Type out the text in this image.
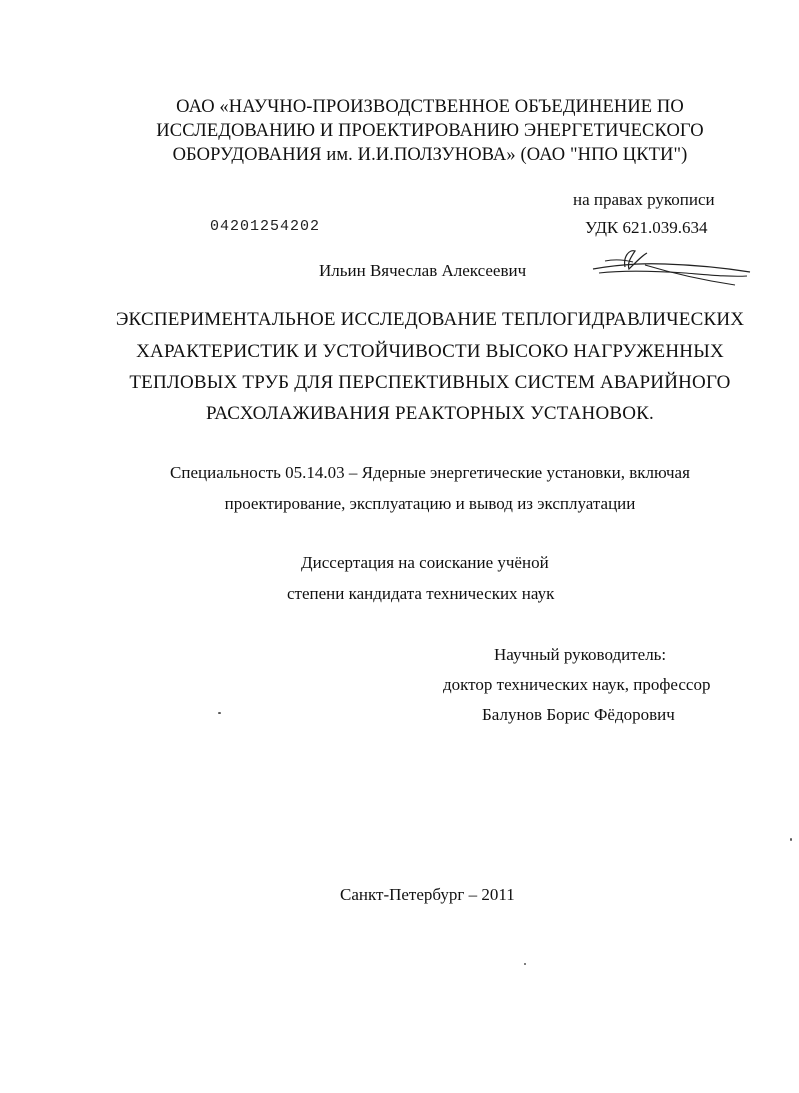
ОАО «НАУЧНО-ПРОИЗВОДСТВЕННОЕ ОБЪЕДИНЕНИЕ ПО
ИССЛЕДОВАНИЮ И ПРОЕКТИРОВАНИЮ ЭНЕРГЕТИЧЕСКОГО
ОБОРУДОВАНИЯ им. И.И.ПОЛЗУНОВА» (ОАО "НПО ЦКТИ")
на правах рукописи
УДК 621.039.634
04201254202
Ильин Вячеслав Алексеевич
ЭКСПЕРИМЕНТАЛЬНОЕ ИССЛЕДОВАНИЕ ТЕПЛОГИДРАВЛИЧЕСКИХ
ХАРАКТЕРИСТИК И УСТОЙЧИВОСТИ ВЫСОКО НАГРУЖЕННЫХ
ТЕПЛОВЫХ ТРУБ ДЛЯ ПЕРСПЕКТИВНЫХ СИСТЕМ АВАРИЙНОГО
РАСХОЛАЖИВАНИЯ РЕАКТОРНЫХ УСТАНОВОК.
Специальность 05.14.03 – Ядерные энергетические установки, включая
проектирование, эксплуатацию и вывод из эксплуатации
Диссертация на соискание учёной
степени кандидата технических наук
Научный руководитель:
доктор технических наук, профессор
Балунов Борис Фёдорович
Санкт-Петербург – 2011
